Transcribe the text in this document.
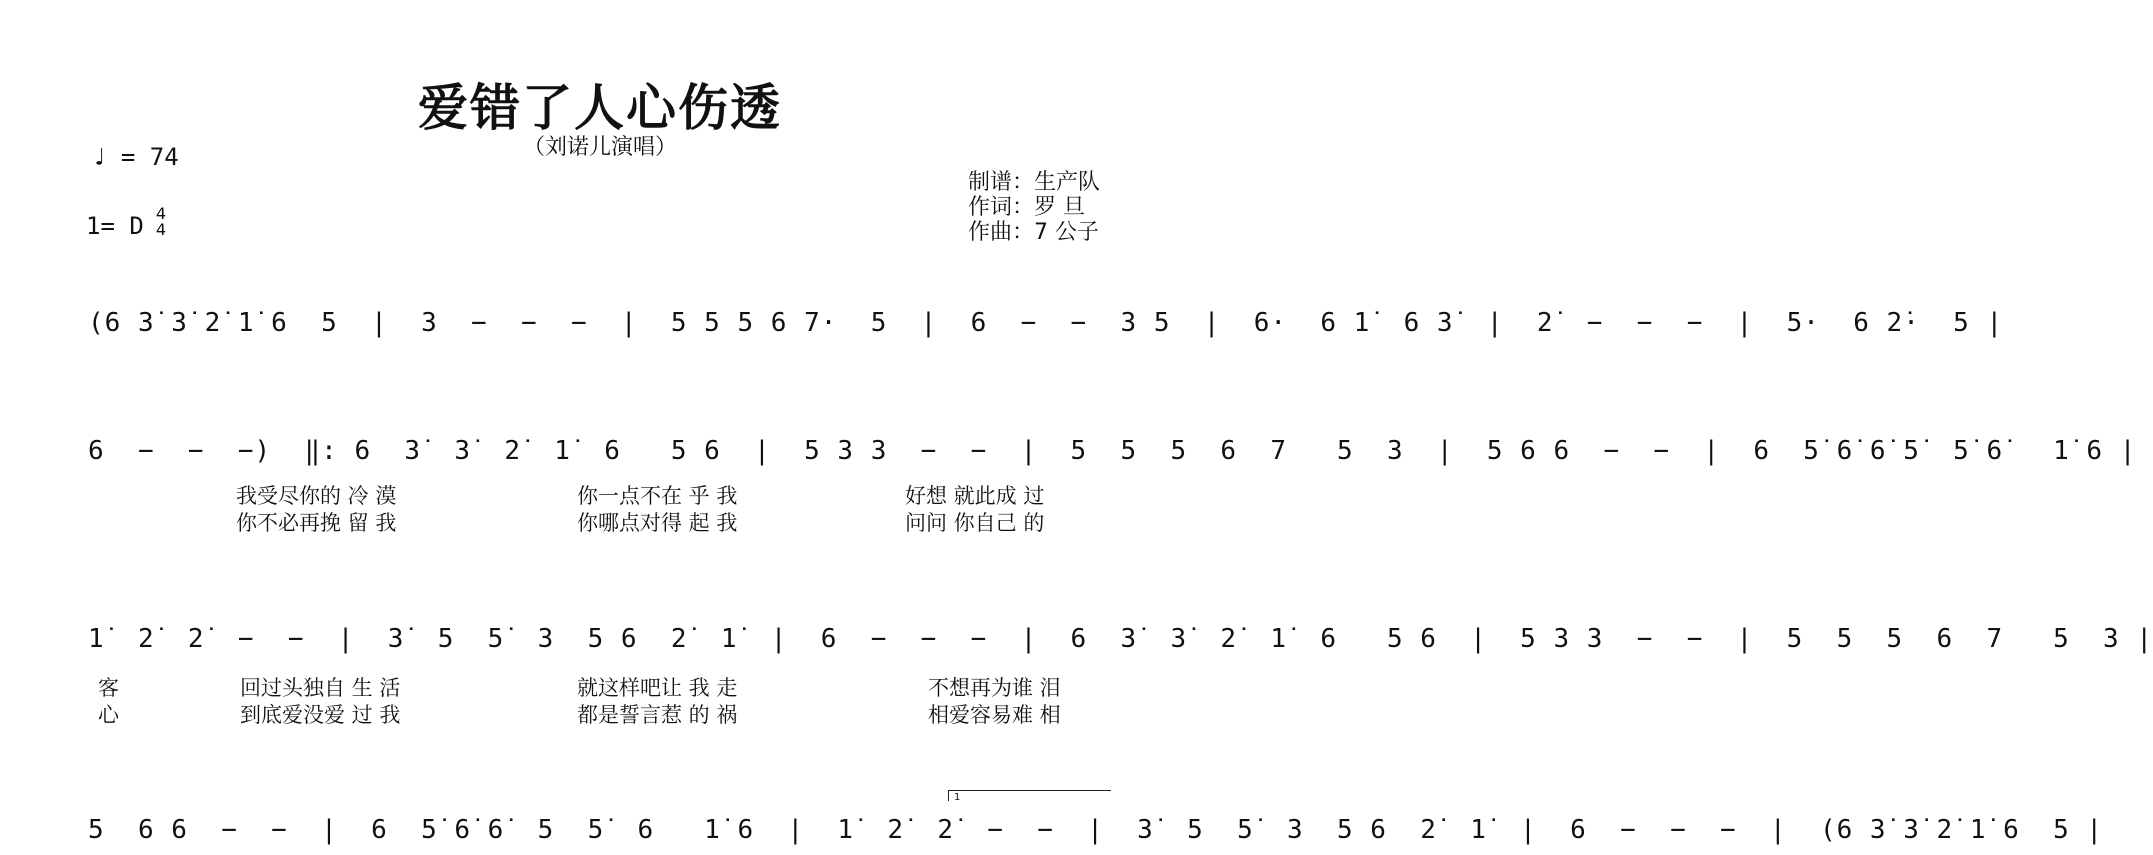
爱错了人心伤透
（刘诺儿演唱）
♩ = 74
1= D 4
4
制谱：生产队
作词：罗 旦
作曲：7 公子
(6 3̇ 3̇ 2̇ 1̇ 6  5  |  3  −  −  −  |  5 5 5 6 7·  5  |  6  −  −  3 5  |  6·  6 1̇  6 3̇  |  2̇  −  −  −  |  5·  6 2̇·  5 |
6  −  −  −)  ‖: 6  3̇  3̇  2̇  1̇  6   5 6  |  5 3 3  −  −  |  5  5  5  6  7   5  3  |  5 6 6  −  −  |  6  5̇ 6̇ 6̇ 5̇  5̇ 6̇   1̇ 6 |
1̇  2̇  2̇  −  −  |  3̇  5  5̇  3  5 6  2̇  1̇  |  6  −  −  −  |  6  3̇  3̇  2̇  1̇  6   5 6  |  5 3 3  −  −  |  5  5  5  6  7   5  3 |
5  6 6  −  −  |  6  5̇ 6̇ 6̇  5  5̇  6   1̇ 6  |  1̇  2̇  2̇  −  −  |  3̇  5  5̇  3  5 6  2̇  1̇  |  6  −  −  −  |  (6 3̇ 3̇ 2̇ 1̇ 6  5 |
我受尽你的 冷 漠	你一点不在 乎 我	好想 就此成 过
你不必再挽 留 我	你哪点对得 起 我	问问 你自己 的
客	回过头独自 生 活	就这样吧让 我 走	不想再为谁 泪
心	到底爱没爱 过 我	都是誓言惹 的 祸	相爱容易难 相
1
